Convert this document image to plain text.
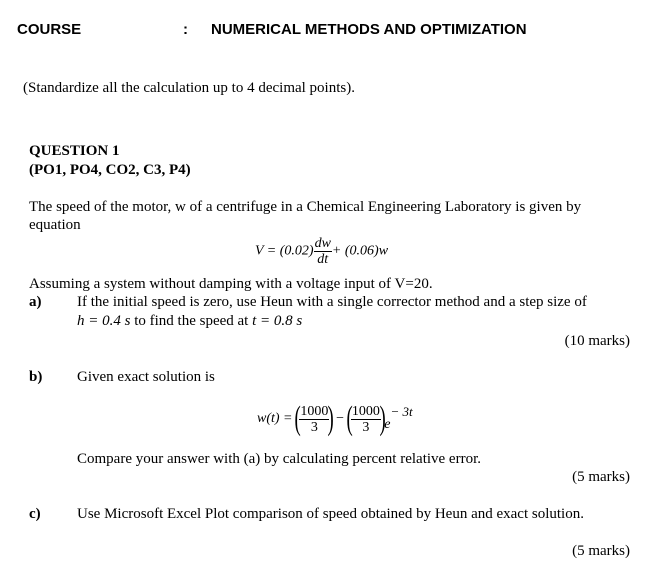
COURSE	: NUMERICAL METHODS AND OPTIMIZATION
(Standardize all the calculation up to 4 decimal points).
QUESTION 1
(PO1, PO4, CO2, C3, P4)
The speed of the motor, w of a centrifuge in a Chemical Engineering Laboratory is given by
equation
$V = (0.02) \frac{dw}{dt} + (0.06)w$
Assuming a system without damping with a voltage input of V=20.
a) If the initial speed is zero, use Heun with a single corrector method and a step size of
h = 0.4 s to find the speed at t = 0.8 s
(10 marks)
b) Given exact solution is
w(t) = (
$\frac{1000}{3}$
) − (
$\frac{1000}{3}$
)e− 3t
Compare your answer with (a) by calculating percent relative error.
(5 marks)
c) Use Microsoft Excel Plot comparison of speed obtained by Heun and exact solution.
(5 marks)
